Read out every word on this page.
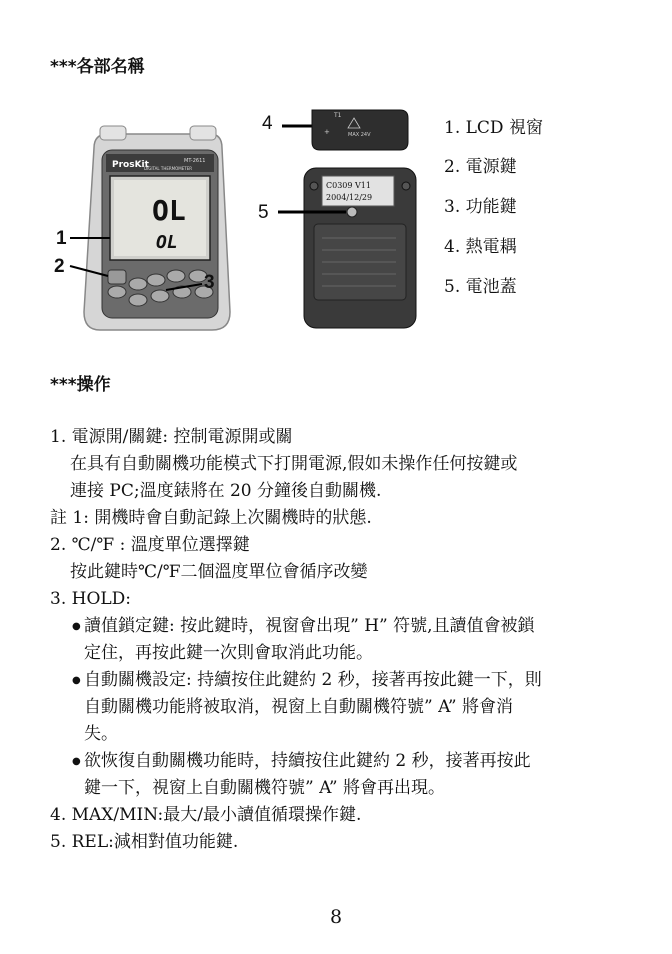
***各部名稱
ProsKit	MT-2611
DIGITAL THERMOMETER
OL
OL
1
2
3
T1
MAX 24V
+
4
C0309 V11
2004/12/29
5
1. LCD 視窗
2. 電源鍵
3. 功能鍵
4. 熱電耦
5. 電池蓋
***操作
1. 電源開/關鍵: 控制電源開或關
在具有自動關機功能模式下打開電源,假如未操作任何按鍵或
連接 PC;溫度錶將在 20 分鐘後自動關機.
註 1: 開機時會自動記錄上次關機時的狀態.
2. ℃/℉ : 溫度單位選擇鍵
按此鍵時℃/℉二個溫度單位會循序改變
3. HOLD:
● 讀值鎖定鍵: 按此鍵時，視窗會出現” H” 符號,且讀值會被鎖
定住，再按此鍵一次則會取消此功能。
● 自動關機設定: 持續按住此鍵約 2 秒，接著再按此鍵一下，則
自動關機功能將被取消，視窗上自動關機符號” A” 將會消
失。
● 欲恢復自動關機功能時，持續按住此鍵約 2 秒，接著再按此
鍵一下，視窗上自動關機符號” A” 將會再出現。
4. MAX/MIN:最大/最小讀值循環操作鍵.
5. REL:減相對值功能鍵.
8
